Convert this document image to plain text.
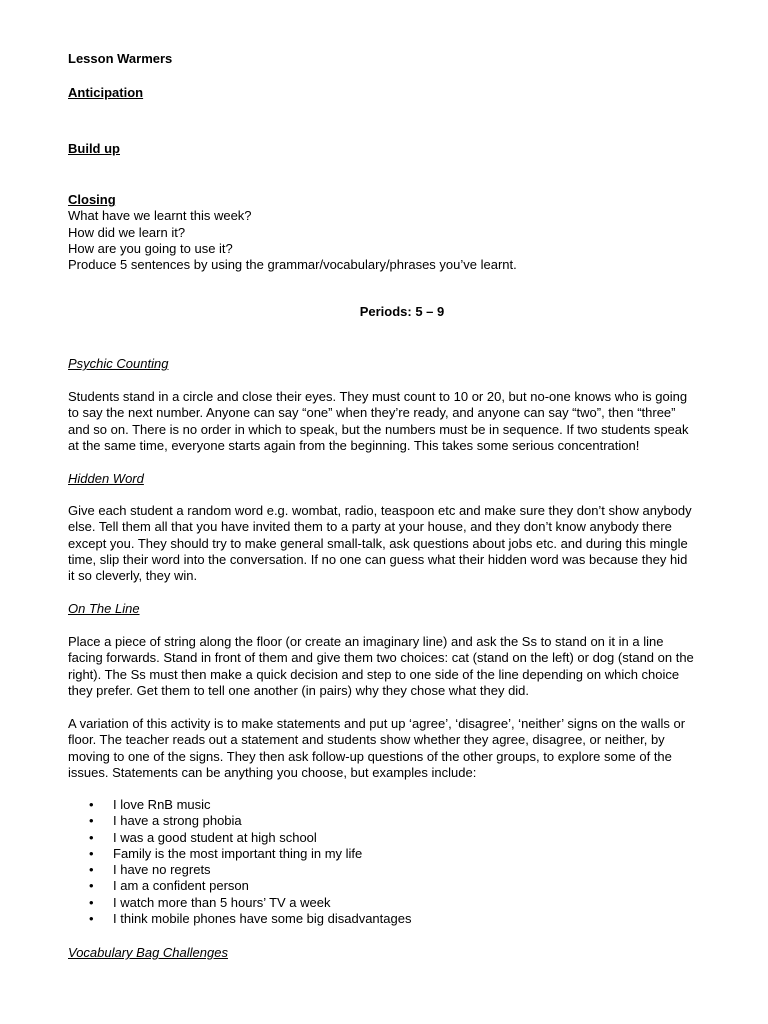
Lesson Warmers
Anticipation
Build up
Closing
What have we learnt this week?
How did we learn it?
How are you going to use it?
Produce 5 sentences by using the grammar/vocabulary/phrases you’ve learnt.
Periods: 5 – 9
Psychic Counting
Students stand in a circle and close their eyes. They must count to 10 or 20, but no-one knows who is going
to say the next number. Anyone can say “one” when they’re ready, and anyone can say “two”, then “three”
and so on. There is no order in which to speak, but the numbers must be in sequence. If two students speak
at the same time, everyone starts again from the beginning. This takes some serious concentration!
Hidden Word
Give each student a random word e.g. wombat, radio, teaspoon etc and make sure they don’t show anybody
else. Tell them all that you have invited them to a party at your house, and they don’t know anybody there
except you. They should try to make general small-talk, ask questions about jobs etc. and during this mingle
time, slip their word into the conversation. If no one can guess what their hidden word was because they hid
it so cleverly, they win.
On The Line
Place a piece of string along the floor (or create an imaginary line) and ask the Ss to stand on it in a line
facing forwards. Stand in front of them and give them two choices: cat (stand on the left) or dog (stand on the
right). The Ss must then make a quick decision and step to one side of the line depending on which choice
they prefer. Get them to tell one another (in pairs) why they chose what they did.
A variation of this activity is to make statements and put up ‘agree’, ‘disagree’, ‘neither’ signs on the walls or
floor. The teacher reads out a statement and students show whether they agree, disagree, or neither, by
moving to one of the signs. They then ask follow-up questions of the other groups, to explore some of the
issues. Statements can be anything you choose, but examples include:
• I love RnB music
• I have a strong phobia
• I was a good student at high school
• Family is the most important thing in my life
• I have no regrets
• I am a confident person
• I watch more than 5 hours’ TV a week
• I think mobile phones have some big disadvantages
Vocabulary Bag Challenges
